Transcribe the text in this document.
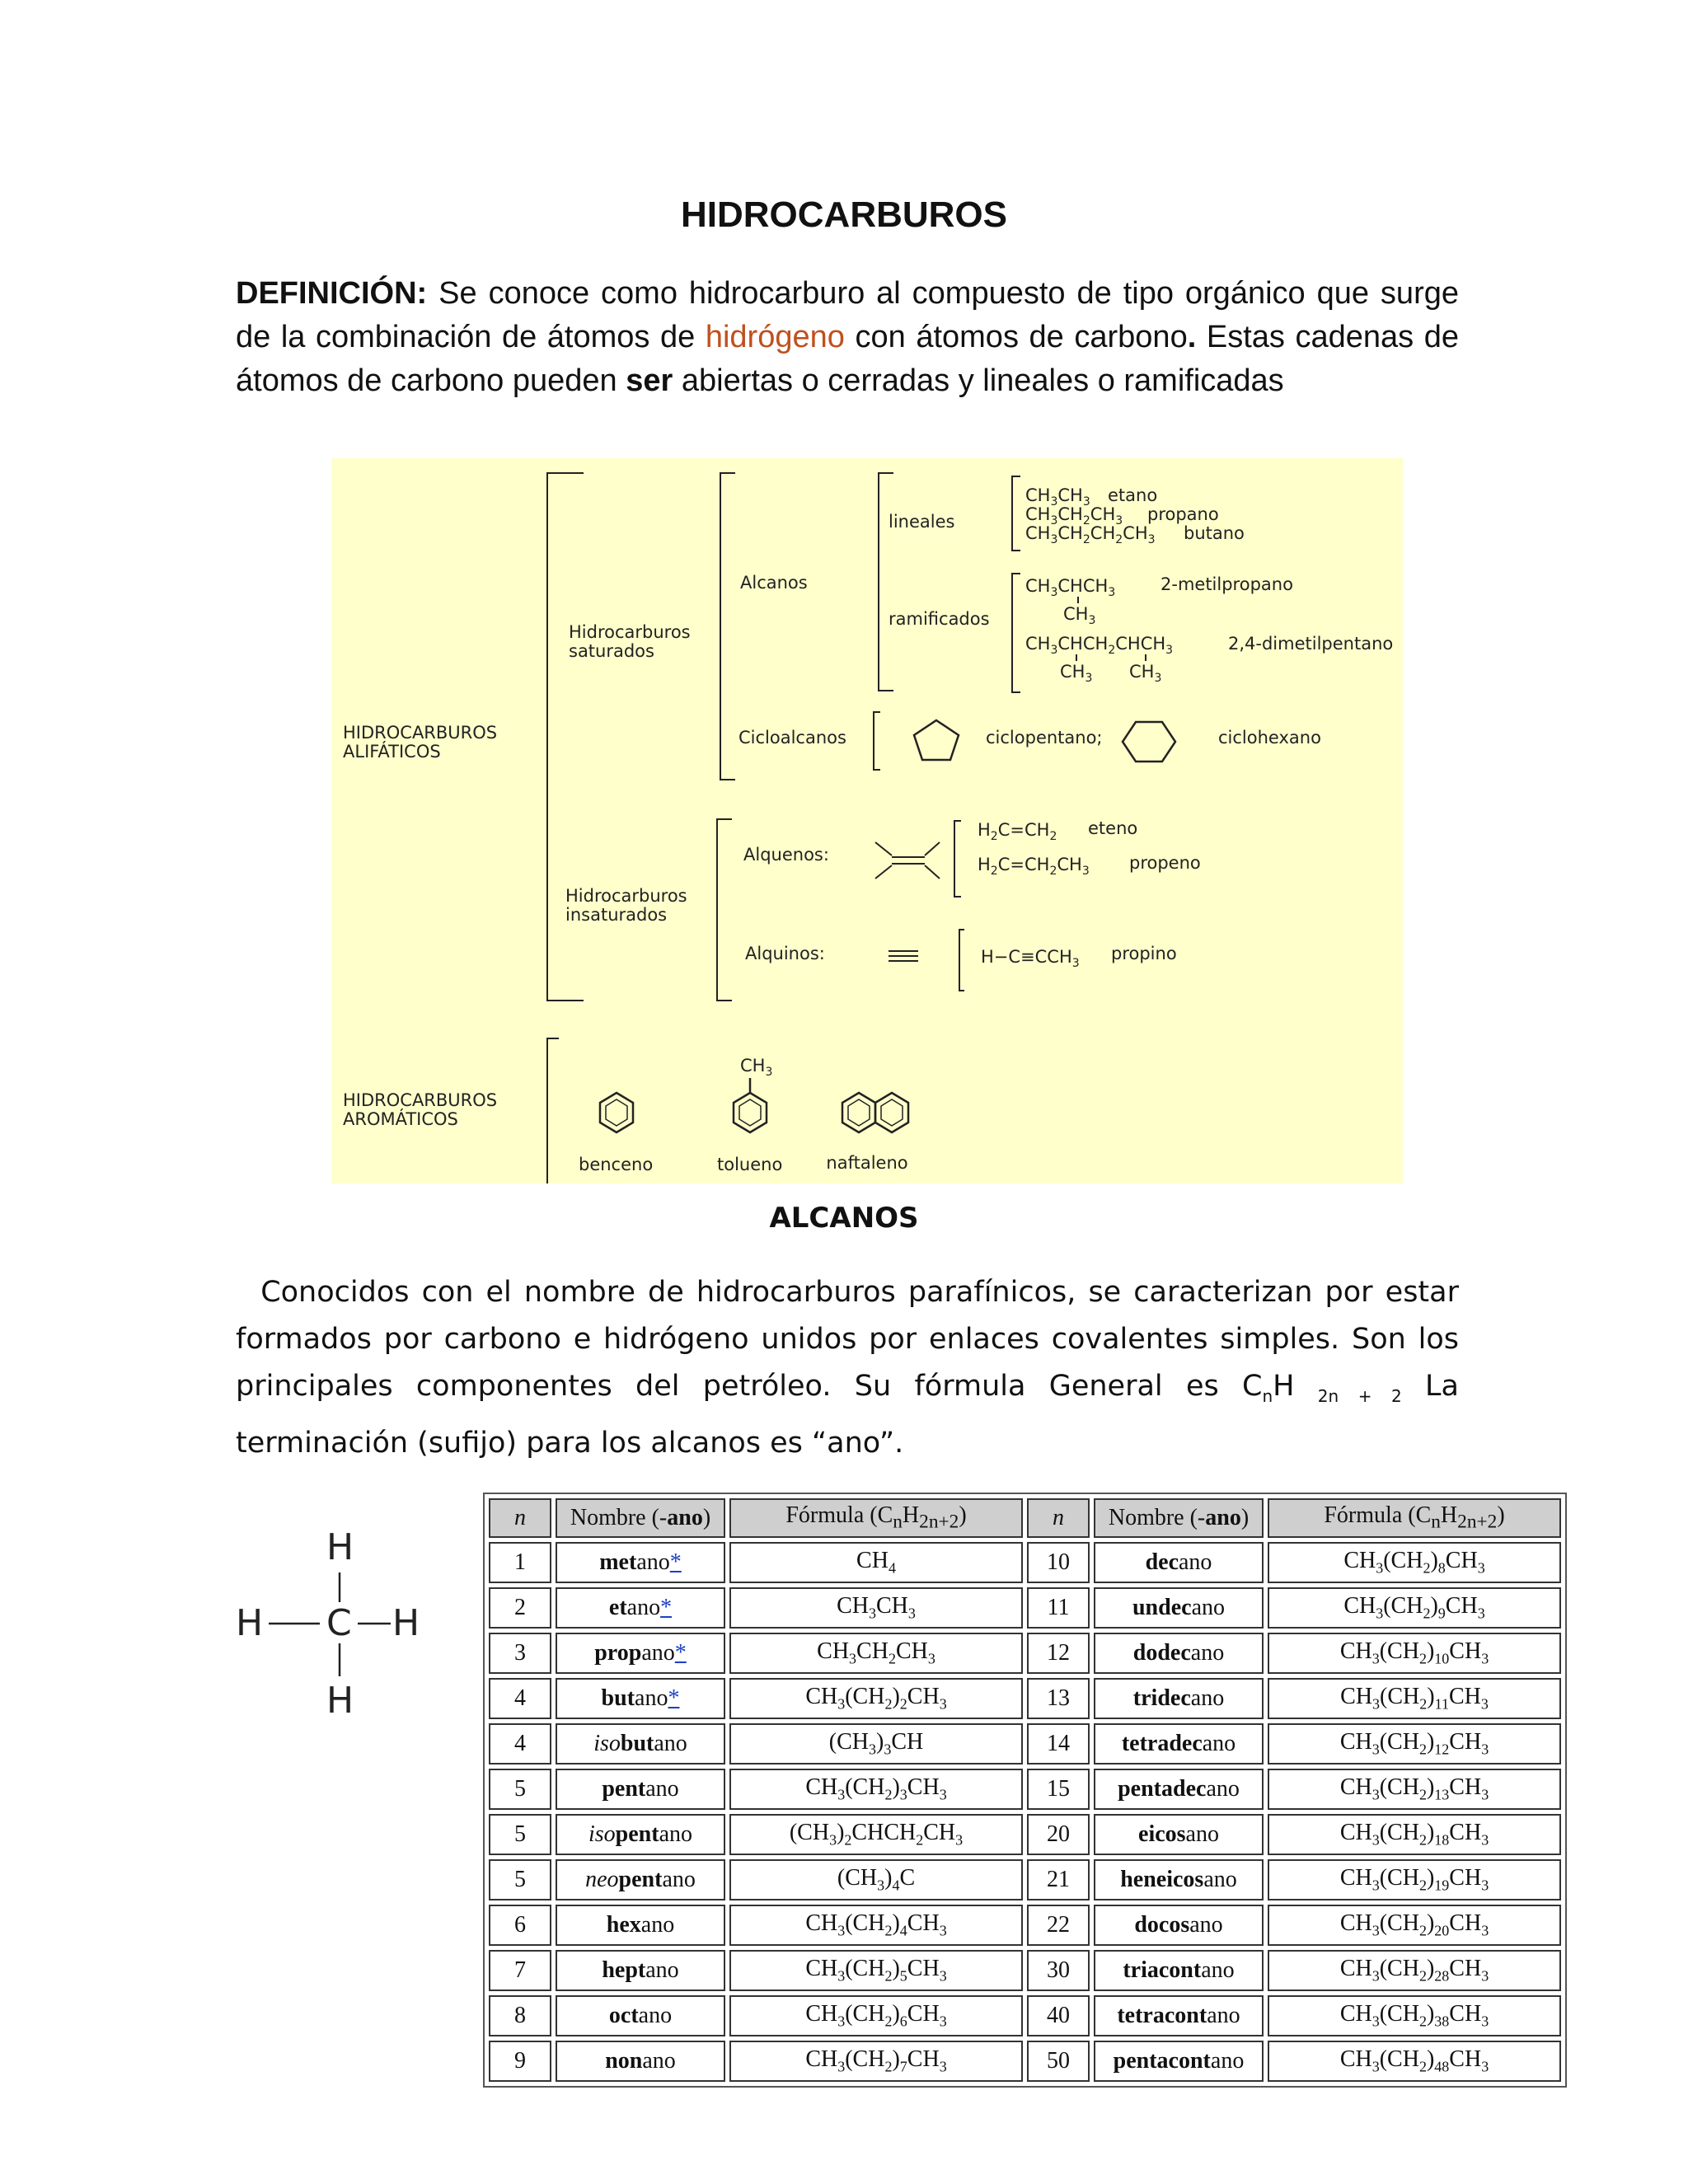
HIDROCARBUROS
DEFINICIÓN: Se conoce como hidrocarburo al compuesto de tipo orgánico que surge de la combinación de átomos de hidrógeno con átomos de carbono. Estas cadenas de átomos de carbono pueden ser abiertas o cerradas y lineales o ramificadas
HIDROCARBUROS
ALIFÁTICOS
HIDROCARBUROS
AROMÁTICOS
Hidrocarburos
saturados
Hidrocarburos
insaturados
Alcanos
lineales
ramificados
$CH_3CH_3$ etano
$CH_3CH_2CH_3$ propano
$CH_3CH_2CH_2CH_3$ butano
$CH_3CHCH_3$
$CH_3$
2-metilpropano
$CH_3CHCH_2CHCH_3$
$CH_3$ $CH_3$
2,4-dimetilpentano
Cicloalcanos	ciclopentano;	ciclohexano
Alquenos:
$H_2C=CH_2$ eteno
$H_2C=CH_2CH_3$ propeno
Alquinos:	$H-C\equiv CCH_3$ propino
benceno
$CH_3$
tolueno	naftaleno
ALCANOS
Conocidos con el nombre de hidrocarburos parafínicos, se caracterizan por estar formados por carbono e hidrógeno unidos por enlaces covalentes simples. Son los principales componentes del petróleo. Su fórmula General es $C_nH$ $_{2n + 2}$ La terminación (sufijo) para los alcanos es “ano”.
H
C
H	H
H
n	Nombre (-ano)	Fórmula $(C_nH_{2n+2})$	n	Nombre (-ano)	Fórmula $(C_nH_{2n+2})$
1	metano*	$CH_4$	10	decano	$CH_3(CH_2)_8CH_3$
2	etano*	$CH_3CH_3$	11	undecano	$CH_3(CH_2)_9CH_3$
3	propano*	$CH_3CH_2CH_3$	12	dodecano	$CH_3(CH_2)_{10}CH_3$
4	butano*	$CH_3(CH_2)_2CH_3$	13	tridecano	$CH_3(CH_2)_{11}CH_3$
4	isobutano	$(CH_3)_3CH$	14	tetradecano	$CH_3(CH_2)_{12}CH_3$
5	pentano	$CH_3(CH_2)_3CH_3$	15	pentadecano	$CH_3(CH_2)_{13}CH_3$
5	isopentano	$(CH_3)_2CHCH_2CH_3$	20	eicosano	$CH_3(CH_2)_{18}CH_3$
5	neopentano	$(CH_3)_4C$	21	heneicosano	$CH_3(CH_2)_{19}CH_3$
6	hexano	$CH_3(CH_2)_4CH_3$	22	docosano	$CH_3(CH_2)_{20}CH_3$
7	heptano	$CH_3(CH_2)_5CH_3$	30	triacontano	$CH_3(CH_2)_{28}CH_3$
8	octano	$CH_3(CH_2)_6CH_3$	40	tetracontano	$CH_3(CH_2)_{38}CH_3$
9	nonano	$CH_3(CH_2)_7CH_3$	50	pentacontano	$CH_3(CH_2)_{48}CH_3$
